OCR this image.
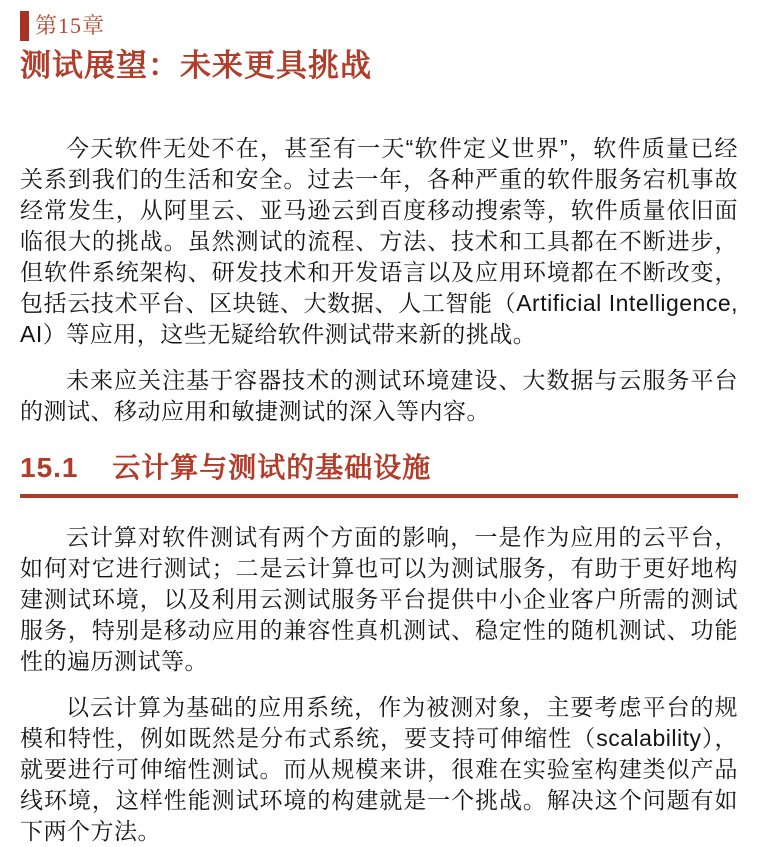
第15章
测试展望：未来更具挑战

今天软件无处不在，甚至有一天“软件定义世界”，软件质量已经关系到我们的生活和安全。过去一年，各种严重的软件服务宕机事故经常发生，从阿里云、亚马逊云到百度移动搜索等，软件质量依旧面临很大的挑战。虽然测试的流程、方法、技术和工具都在不断进步，但软件系统架构、研发技术和开发语言以及应用环境都在不断改变，包括云技术平台、区块链、大数据、人工智能（Artificial Intelligence, AI）等应用，这些无疑给软件测试带来新的挑战。

未来应关注基于容器技术的测试环境建设、大数据与云服务平台的测试、移动应用和敏捷测试的深入等内容。

15.1 云计算与测试的基础设施

云计算对软件测试有两个方面的影响，一是作为应用的云平台，如何对它进行测试；二是云计算也可以为测试服务，有助于更好地构建测试环境，以及利用云测试服务平台提供中小企业客户所需的测试服务，特别是移动应用的兼容性真机测试、稳定性的随机测试、功能性的遍历测试等。

以云计算为基础的应用系统，作为被测对象，主要考虑平台的规模和特性，例如既然是分布式系统，要支持可伸缩性（scalability），就要进行可伸缩性测试。而从规模来讲，很难在实验室构建类似产品线环境，这样性能测试环境的构建就是一个挑战。解决这个问题有如下两个方法。
